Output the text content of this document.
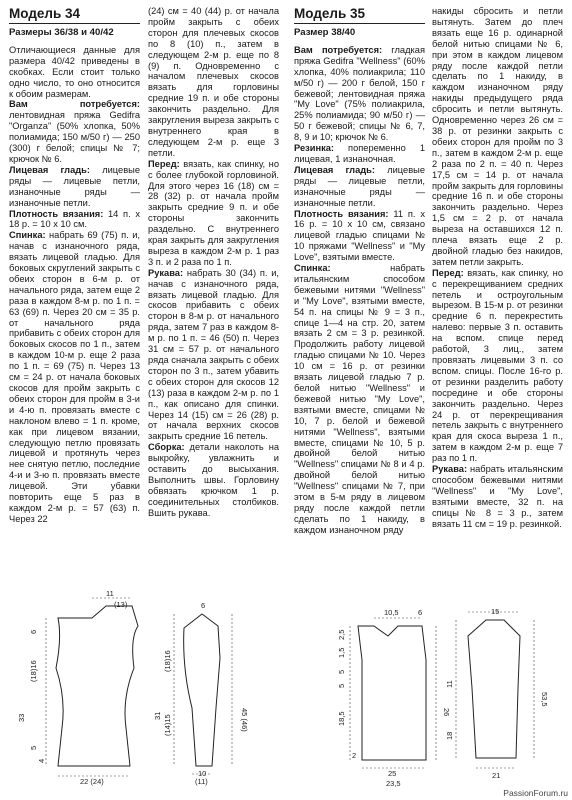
Модель 34
Размеры 36/38 и 40/42

Отличающиеся данные для размера 40/42 приведены в скобках. Если стоит только одно число, то оно относится к обоим размерам.

Вам потребуется: лентовидная пряжа Gedifra "Organza" (50% хлопка, 50% полиамида; 150 м/50 г) — 250 (300) г белой; спицы № 7; крючок № 6.

Лицевая гладь: лицевые ряды — лицевые петли, изнаночные ряды — изнаночные петли.

Плотность вязания: 14 п. х 18 р. = 10 х 10 см.

Спинка: набрать 69 (75) п. и, начав с изнаночного ряда, вязать лицевой гладью. Для боковых скруглений закрыть с обеих сторон в 6-м р. от начального ряда, затем еще 2 раза в каждом 8-м р. по 1 п. = 63 (69) п. Через 20 см = 35 р. от начального ряда прибавить с обеих сторон для боковых скосов по 1 п., затем в каждом 10-м р. еще 2 раза по 1 п. = 69 (75) п. Через 13 см = 24 р. от начала боковых скосов для пройм закрыть с обеих сторон для пройм в 3-и и 4-ю п. провязать вместе с наклоном влево = 1 п. кроме, как при лицевом вязании, следующую петлю провязать лицевой и протянуть через нее снятую петлю, последние 4-и и 3-ю п. провязать вместе лицевой. Эти убавки повторить еще 5 раз в каждом 2-м р. = 57 (63) п. Через 22

(24) см = 40 (44) р. от начала пройм закрыть с обеих сторон для плечевых скосов по 8 (10) п., затем в следующем 2-м р. еще по 8 (9) п. Одновременно с началом плечевых скосов вязать для горловины средние 19 п. и обе стороны закончить раздельно. Для закругления выреза закрыть с внутреннего края в следующем 2-м р. еще 3 петли.

Перед: вязать, как спинку, но с более глубокой горловиной. Для этого через 16 (18) см = 28 (32) р. от начала пройм закрыть средние 9 п. и обе стороны закончить раздельно. С внутреннего края закрыть для закругления выреза в каждом 2-м р. 1 раз 3 п. и 2 раза по 1 п.

Рукава: набрать 30 (34) п. и, начав с изнаночного ряда, вязать лицевой гладью. Для скосов прибавить с обеих сторон в 8-м р. от начального ряда, затем 7 раз в каждом 8-м р. по 1 п. = 46 (50) п. Через 31 см = 57 р. от начального ряда сначала закрыть с обеих сторон по 3 п., затем убавить с обеих сторон для скосов 12 (13) раза в каждом 2-м р. по 1 п., как описано для спинки. Через 14 (15) см = 26 (28) р. от начала верхних скосов закрыть средние 16 петель.

Сборка: детали наколоть на выкройку, увлажнить и оставить до высыхания. Выполнить швы. Горловину обвязать крючком 1 р. соединительных столбиков. Вшить рукава.

Модель 35
Размер 38/40

Вам потребуется: гладкая пряжа Gedifra "Wellness" (60% хлопка, 40% полиакрила; 110 м/50 г) — 200 г белой, 150 г бежевой; лентовидная пряжа "My Love" (75% полиакрила, 25% полиамида; 90 м/50 г) — 50 г бежевой; спицы № 6, 7, 8, 9 и 10; крючок № 6.

Резинка: попеременно 1 лицевая, 1 изнаночная.

Лицевая гладь: лицевые ряды — лицевые петли, изнаночные ряды — изнаночные петли.

Плотность вязания: 11 п. х 16 р. = 10 х 10 см, связано лицевой гладью спицами № 10 пряжами "Wellness" и "My Love", взятыми вместе.

Спинка: набрать итальянским способом бежевыми нитями "Wellness" и "My Love", взятыми вместе, 54 п. на спицы № 9 = 3 п., спице 1—4 на стр. 20, затем вязать 2 см = 3 р. резинкой. Продолжить работу лицевой гладью спицами № 10. Через 10 см = 16 р. от резинки вязать лицевой гладью 7 р. белой нитью "Wellness" и бежевой нитью "My Love", взятыми вместе, спицами № 10, 7 р. белой и бежевой нитями "Wellness", взятыми вместе, спицами № 10, 5 р. двойной белой нитью "Wellness" спицами № 8 и 4 р. двойной белой нитью "Wellness" спицами № 7, при этом в 5-м ряду в лицевом ряду после каждой петли сделать по 1 накиду, в каждом изнаночном ряду

накиды сбросить и петли вытянуть. Затем до плеч вязать еще 16 р. одинарной белой нитью спицами № 6, при этом в каждом лицевом ряду после каждой петли сделать по 1 накиду, в каждом изнаночном ряду накиды предыдущего ряда сбросить и петли вытянуть. Одновременно через 26 см = 38 р. от резинки закрыть с обеих сторон для пройм по 3 п., затем в каждом 2-м р. еще 2 раза по 2 п. = 40 п. Через 17,5 см = 14 р. от начала пройм закрыть для горловины средние 16 п. и обе стороны закончить раздельно. Через 1,5 см = 2 р. от начала выреза на оставшихся 12 п. плеча вязать еще 2 р. двойной гладью без накидов, затем петли закрыть.

Перед: вязать, как спинку, но с перекрещиванием средних петель и остроугольным вырезом. В 15-м р. от резинки средние 6 п. перекрестить налево: первые 3 п. оставить на вспом. спице перед работой, 3 лиц., затем провязать лицевыми 3 п. со вспом. спицы. После 16-го р. от резинки разделить работу посредине и обе стороны закончить раздельно. Через 24 р. от перекрещивания петель закрыть с внутреннего края для скоса выреза 1 п., затем в каждом 2-м р. еще 7 раз по 1 п.

Рукава: набрать итальянским способом бежевыми нитями "Wellness" и "My Love", взятыми вместе, 32 п. на спицы № 8 = 3 р., затем вязать 11 см = 19 р. резинкой.

(13)
11
6
(18)16
5
33
4
22 (24)
6
(18)16
(14)15
31	45 (46)
(11)
10
10,5	6
2,5
1,5
5
5
18,5	26
2
25
23,5
15
53,5
11
18
21
PassionForum.ru
